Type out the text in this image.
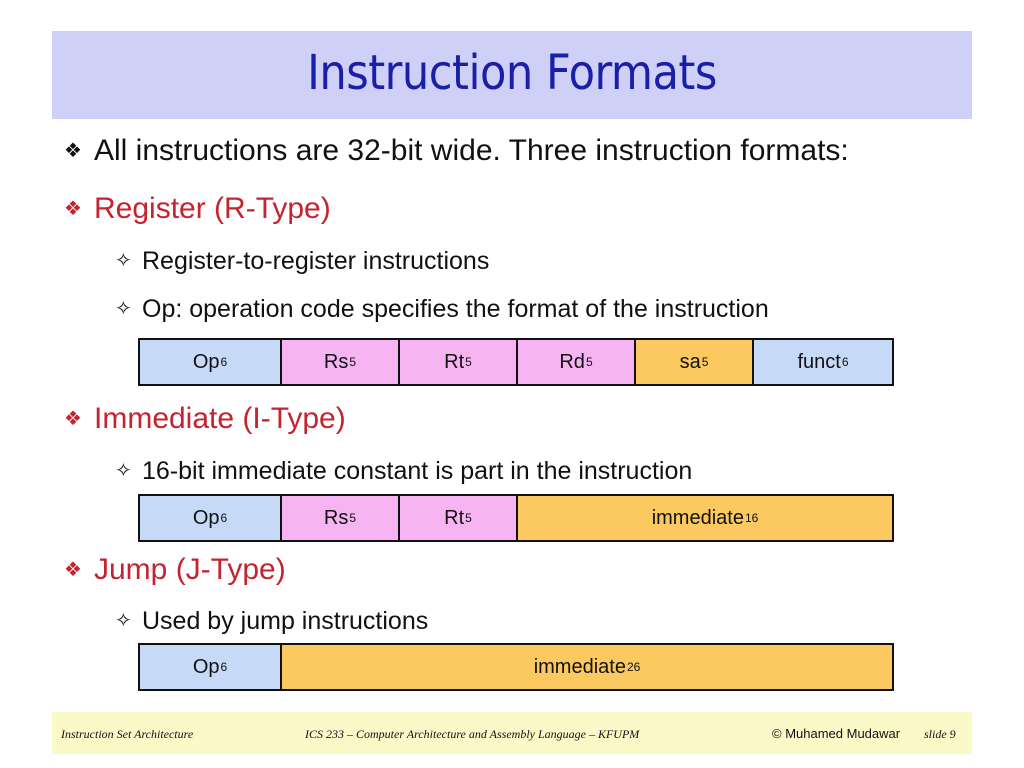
Instruction Formats
❖ All instructions are 32-bit wide. Three instruction formats:
❖ Register (R-Type)
✧ Register-to-register instructions
✧ Op: operation code specifies the format of the instruction
Op 6	Rs 5	Rt 5	Rd 5	sa 5	funct 6
❖ Immediate (I-Type)
✧ 16-bit immediate constant is part in the instruction
Op 6	Rs 5	Rt 5	immediate 16
❖ Jump (J-Type)
✧ Used by jump instructions
Op 6	immediate 26
Instruction Set Architecture	ICS 233 – Computer Architecture and Assembly Language – KFUPM	© Muhamed Mudawar slide 9
